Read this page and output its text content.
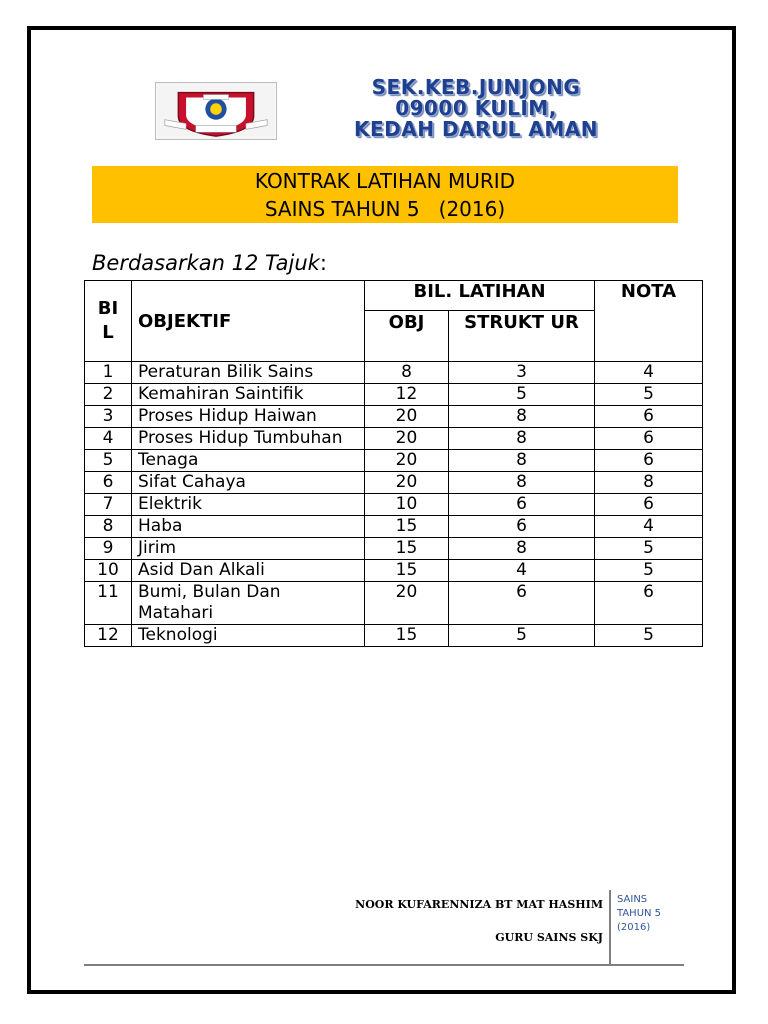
SEK.KEB.JUNJONG
09000 KULIM,
KEDAH DARUL AMAN
KONTRAK LATIHAN MURID
SAINS TAHUN 5   (2016)
Berdasarkan 12 Tajuk:
BI L	OBJEKTIF	BIL. LATIHAN		NOTA
		OBJ	STRUKT UR	
1	Peraturan Bilik Sains	8	3	4
2	Kemahiran Saintifik	12	5	5
3	Proses Hidup Haiwan	20	8	6
4	Proses Hidup Tumbuhan	20	8	6
5	Tenaga	20	8	6
6	Sifat Cahaya	20	8	8
7	Elektrik	10	6	6
8	Haba	15	6	4
9	Jirim	15	8	5
10	Asid Dan Alkali	15	4	5
11	Bumi, Bulan Dan Matahari	20	6	6
12	Teknologi	15	5	5
NOOR KUFARENNIZA BT MAT HASHIM
GURU SAINS SKJ
SAINS
TAHUN 5
(2016)
